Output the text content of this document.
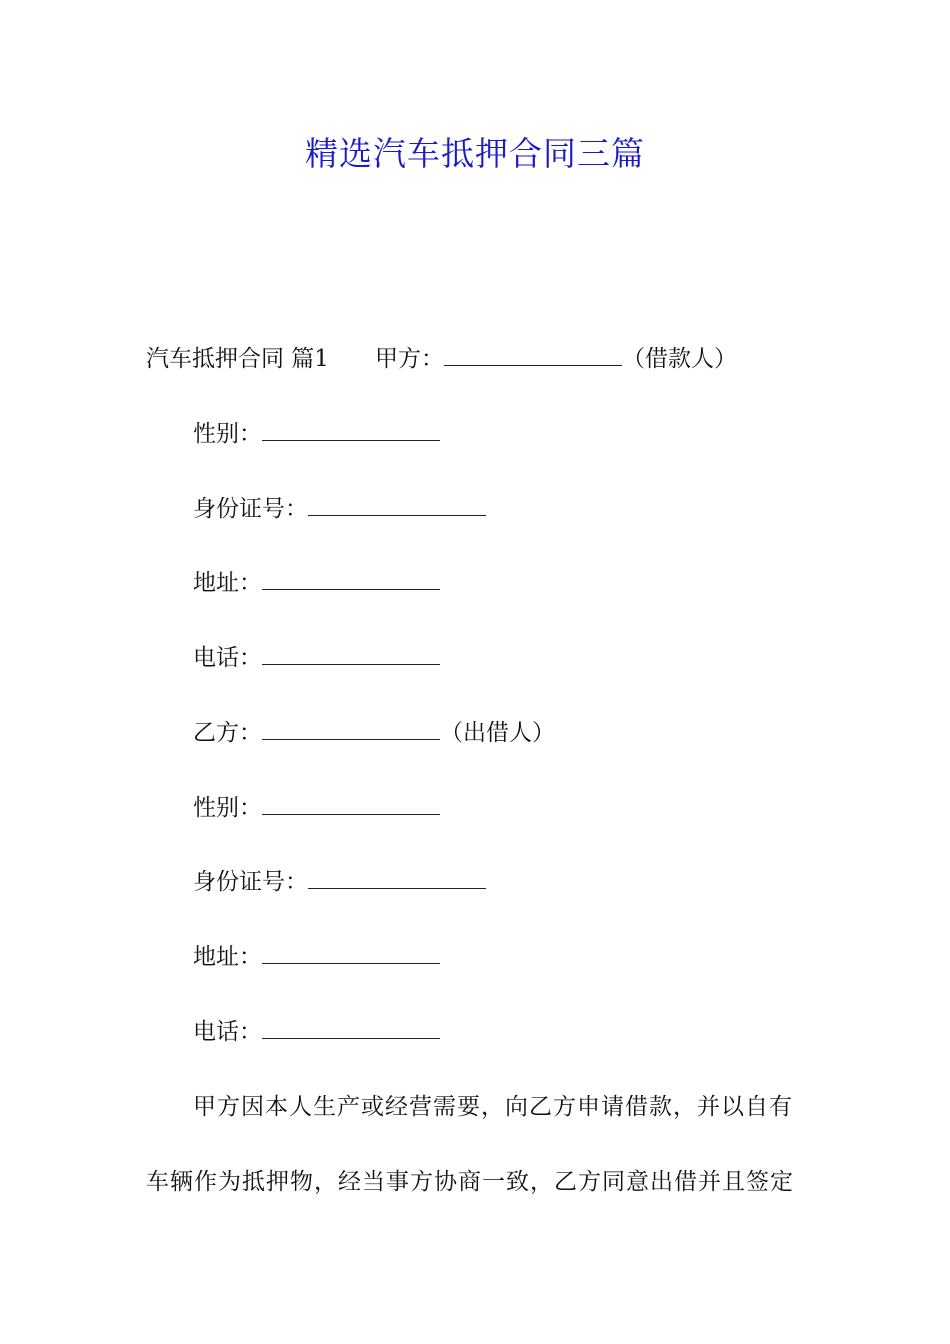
精选汽车抵押合同三篇

汽车抵押合同 篇1 甲方：	（借款人）

性别：

身份证号：

地址：

电话：

乙方：	（出借人）

性别：

身份证号：

地址：

电话：

甲方因本人生产或经营需要，向乙方申请借款，并以自有车辆作为抵押物，经当事方协商一致，乙方同意出借并且签定
